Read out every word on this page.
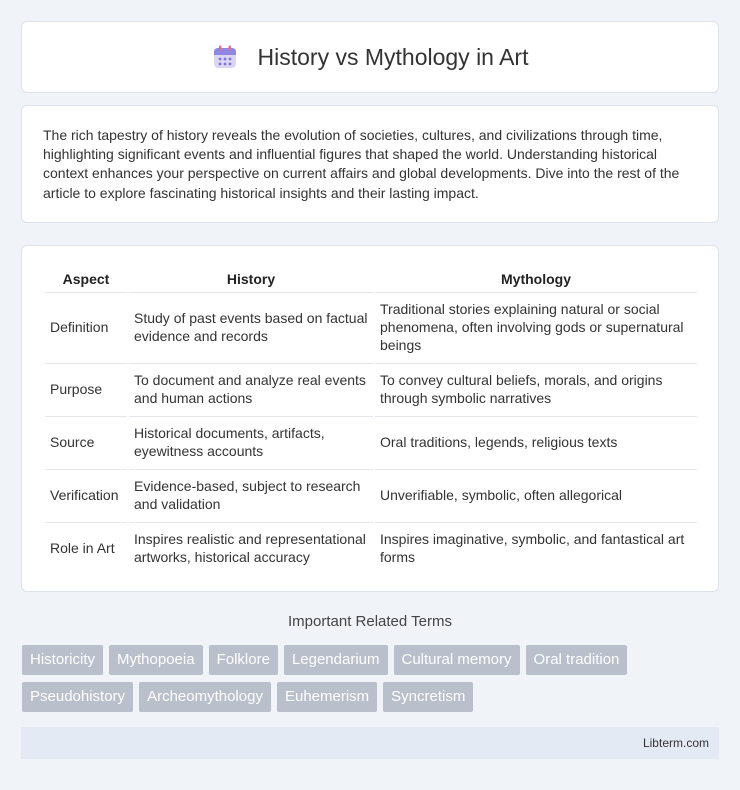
History vs Mythology in Art

The rich tapestry of history reveals the evolution of societies, cultures, and civilizations through time, highlighting significant events and influential figures that shaped the world. Understanding historical context enhances your perspective on current affairs and global developments. Dive into the rest of the article to explore fascinating historical insights and their lasting impact.

Aspect	History	Mythology
Definition	Study of past events based on factual evidence and records	Traditional stories explaining natural or social phenomena, often involving gods or supernatural beings
Purpose	To document and analyze real events and human actions	To convey cultural beliefs, morals, and origins through symbolic narratives
Source	Historical documents, artifacts, eyewitness accounts	Oral traditions, legends, religious texts
Verification	Evidence-based, subject to research and validation	Unverifiable, symbolic, often allegorical
Role in Art	Inspires realistic and representational artworks, historical accuracy	Inspires imaginative, symbolic, and fantastical art forms
Important Related Terms
Historicity	Mythopoeia	Folklore	Legendarium	Cultural memory	Oral tradition
Pseudohistory	Archeomythology	Euhemerism	Syncretism
Libterm.com
